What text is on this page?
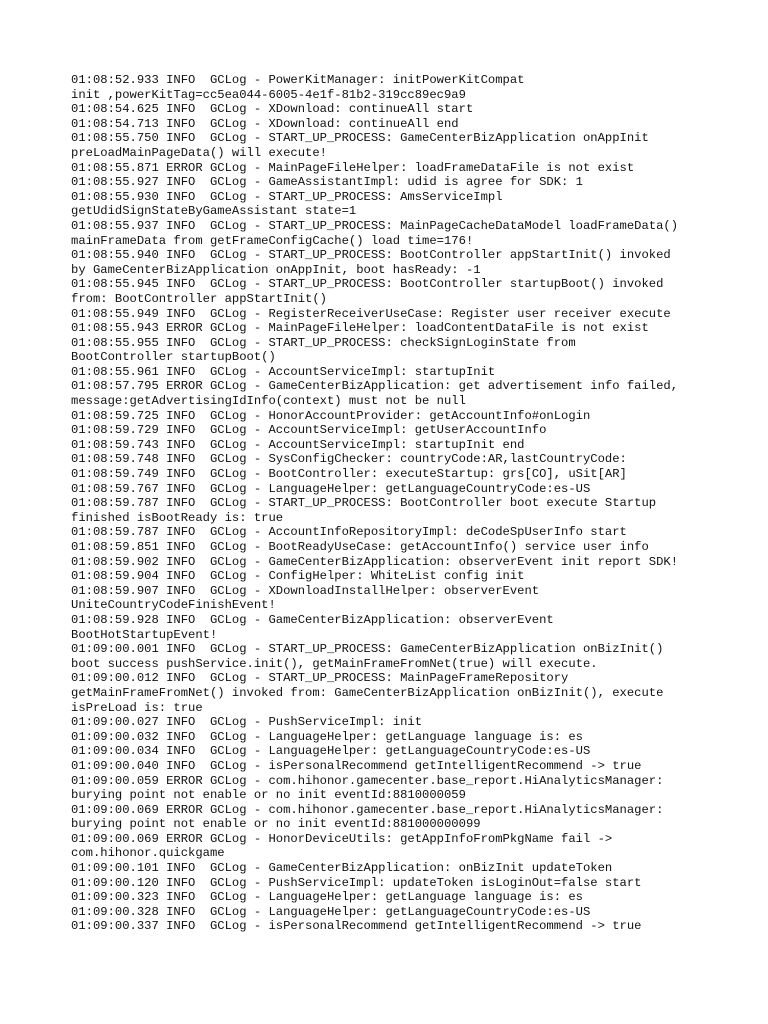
01:08:52.933 INFO  GCLog - PowerKitManager: initPowerKitCompat
init ,powerKitTag=cc5ea044-6005-4e1f-81b2-319cc89ec9a9
01:08:54.625 INFO  GCLog - XDownload: continueAll start
01:08:54.713 INFO  GCLog - XDownload: continueAll end
01:08:55.750 INFO  GCLog - START_UP_PROCESS: GameCenterBizApplication onAppInit
preLoadMainPageData() will execute!
01:08:55.871 ERROR GCLog - MainPageFileHelper: loadFrameDataFile is not exist
01:08:55.927 INFO  GCLog - GameAssistantImpl: udid is agree for SDK: 1
01:08:55.930 INFO  GCLog - START_UP_PROCESS: AmsServiceImpl
getUdidSignStateByGameAssistant state=1
01:08:55.937 INFO  GCLog - START_UP_PROCESS: MainPageCacheDataModel loadFrameData()
mainFrameData from getFrameConfigCache() load time=176!
01:08:55.940 INFO  GCLog - START_UP_PROCESS: BootController appStartInit() invoked
by GameCenterBizApplication onAppInit, boot hasReady: -1
01:08:55.945 INFO  GCLog - START_UP_PROCESS: BootController startupBoot() invoked
from: BootController appStartInit()
01:08:55.949 INFO  GCLog - RegisterReceiverUseCase: Register user receiver execute
01:08:55.943 ERROR GCLog - MainPageFileHelper: loadContentDataFile is not exist
01:08:55.955 INFO  GCLog - START_UP_PROCESS: checkSignLoginState from
BootController startupBoot()
01:08:55.961 INFO  GCLog - AccountServiceImpl: startupInit
01:08:57.795 ERROR GCLog - GameCenterBizApplication: get advertisement info failed,
message:getAdvertisingIdInfo(context) must not be null
01:08:59.725 INFO  GCLog - HonorAccountProvider: getAccountInfo#onLogin
01:08:59.729 INFO  GCLog - AccountServiceImpl: getUserAccountInfo
01:08:59.743 INFO  GCLog - AccountServiceImpl: startupInit end
01:08:59.748 INFO  GCLog - SysConfigChecker: countryCode:AR,lastCountryCode:
01:08:59.749 INFO  GCLog - BootController: executeStartup: grs[CO], uSit[AR]
01:08:59.767 INFO  GCLog - LanguageHelper: getLanguageCountryCode:es-US
01:08:59.787 INFO  GCLog - START_UP_PROCESS: BootController boot execute Startup
finished isBootReady is: true
01:08:59.787 INFO  GCLog - AccountInfoRepositoryImpl: deCodeSpUserInfo start
01:08:59.851 INFO  GCLog - BootReadyUseCase: getAccountInfo() service user info
01:08:59.902 INFO  GCLog - GameCenterBizApplication: observerEvent init report SDK!
01:08:59.904 INFO  GCLog - ConfigHelper: WhiteList config init
01:08:59.907 INFO  GCLog - XDownloadInstallHelper: observerEvent
UniteCountryCodeFinishEvent!
01:08:59.928 INFO  GCLog - GameCenterBizApplication: observerEvent
BootHotStartupEvent!
01:09:00.001 INFO  GCLog - START_UP_PROCESS: GameCenterBizApplication onBizInit()
boot success pushService.init(), getMainFrameFromNet(true) will execute.
01:09:00.012 INFO  GCLog - START_UP_PROCESS: MainPageFrameRepository
getMainFrameFromNet() invoked from: GameCenterBizApplication onBizInit(), execute
isPreLoad is: true
01:09:00.027 INFO  GCLog - PushServiceImpl: init
01:09:00.032 INFO  GCLog - LanguageHelper: getLanguage language is: es
01:09:00.034 INFO  GCLog - LanguageHelper: getLanguageCountryCode:es-US
01:09:00.040 INFO  GCLog - isPersonalRecommend getIntelligentRecommend -> true
01:09:00.059 ERROR GCLog - com.hihonor.gamecenter.base_report.HiAnalyticsManager:
burying point not enable or no init eventId:8810000059
01:09:00.069 ERROR GCLog - com.hihonor.gamecenter.base_report.HiAnalyticsManager:
burying point not enable or no init eventId:881000000099
01:09:00.069 ERROR GCLog - HonorDeviceUtils: getAppInfoFromPkgName fail ->
com.hihonor.quickgame
01:09:00.101 INFO  GCLog - GameCenterBizApplication: onBizInit updateToken
01:09:00.120 INFO  GCLog - PushServiceImpl: updateToken isLoginOut=false start
01:09:00.323 INFO  GCLog - LanguageHelper: getLanguage language is: es
01:09:00.328 INFO  GCLog - LanguageHelper: getLanguageCountryCode:es-US
01:09:00.337 INFO  GCLog - isPersonalRecommend getIntelligentRecommend -> true
